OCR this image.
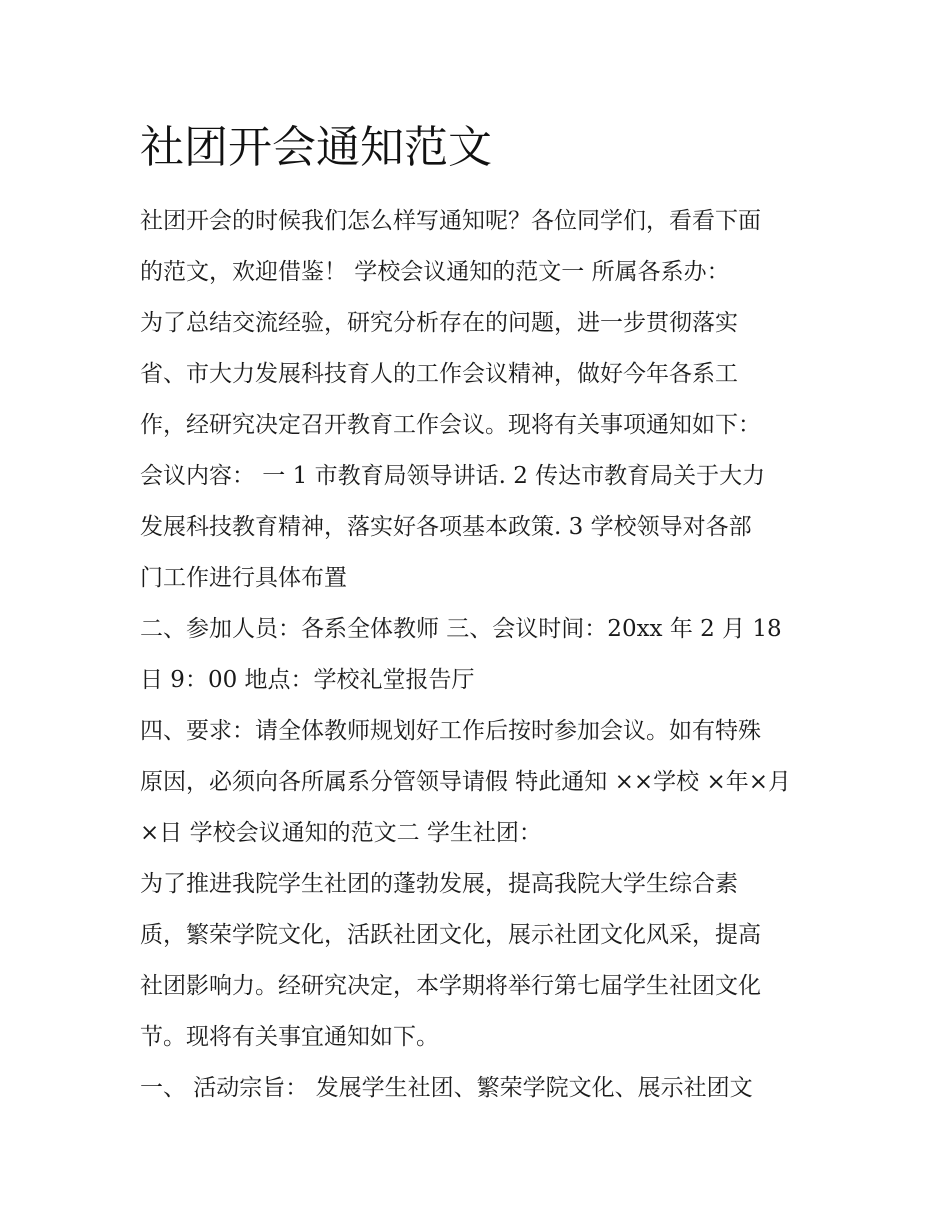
社团开会通知范文
社团开会的时候我们怎么样写通知呢？各位同学们，看看下面
的范文，欢迎借鉴！ 学校会议通知的范文一 所属各系办：
为了总结交流经验，研究分析存在的问题，进一步贯彻落实
省、市大力发展科技育人的工作会议精神，做好今年各系工
作，经研究决定召开教育工作会议。现将有关事项通知如下：
会议内容： 一 1 市教育局领导讲话. 2 传达市教育局关于大力
发展科技教育精神，落实好各项基本政策. 3 学校领导对各部
门工作进行具体布置
二、参加人员：各系全体教师 三、会议时间：20xx 年 2 月 18
日 9：00 地点：学校礼堂报告厅
四、要求：请全体教师规划好工作后按时参加会议。如有特殊
原因，必须向各所属系分管领导请假 特此通知 ××学校 ×年×月
×日 学校会议通知的范文二 学生社团：
为了推进我院学生社团的蓬勃发展，提高我院大学生综合素
质，繁荣学院文化，活跃社团文化，展示社团文化风采，提高
社团影响力。经研究决定，本学期将举行第七届学生社团文化
节。现将有关事宜通知如下。
一、 活动宗旨： 发展学生社团、繁荣学院文化、展示社团文
